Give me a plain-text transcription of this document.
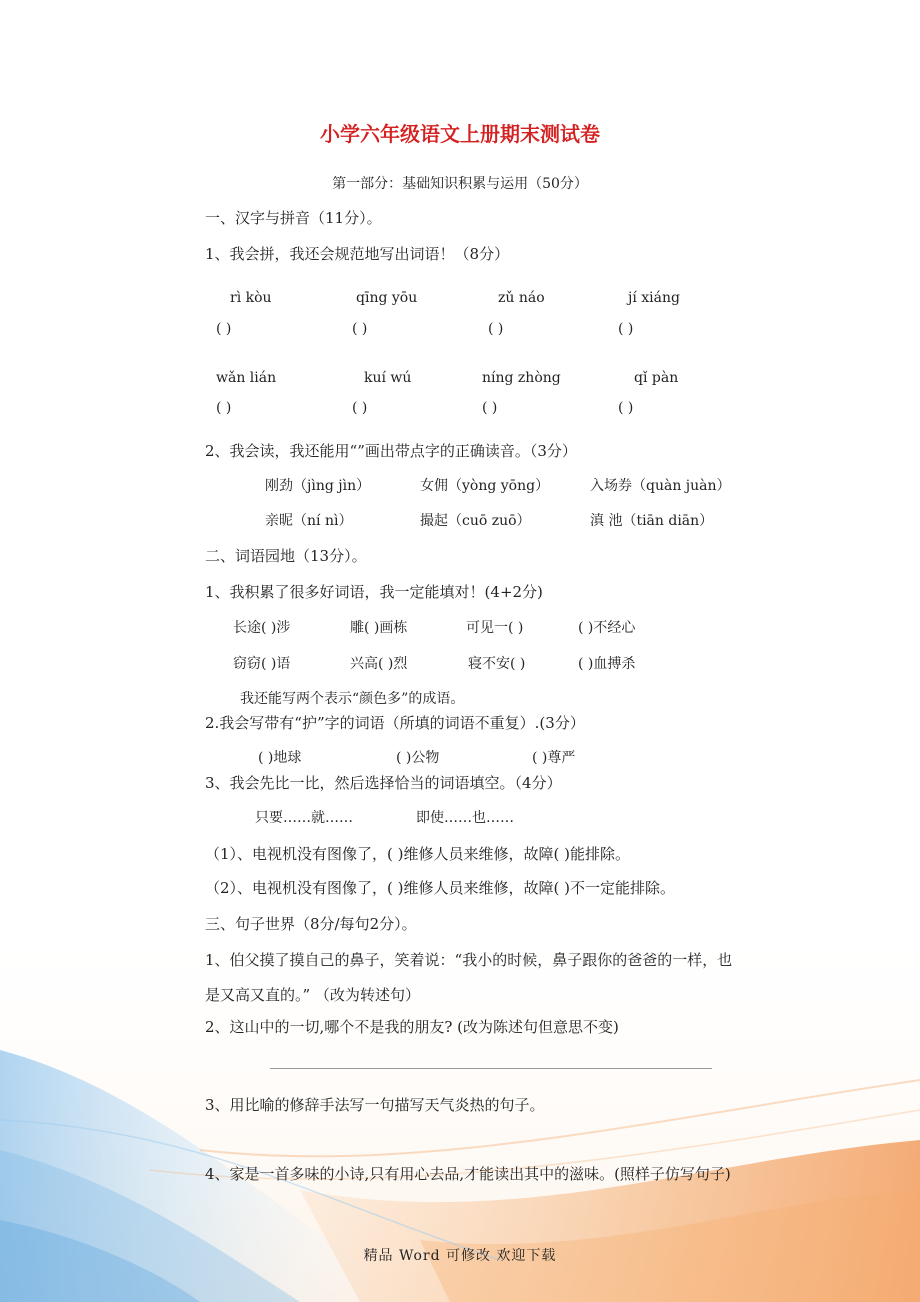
小学六年级语文上册期末测试卷
第一部分：基础知识积累与运用（50分）
一、汉字与拼音（11分）。
1、我会拼，我还会规范地写出词语！（8分）
rì kòu	qīng yōu	zǔ náo	jí xiáng
( )	( )	( )	( )
wǎn lián	kuí wú	níng zhòng	qǐ pàn
( )	( )	( )	( )
2、我会读，我还能用“”画出带点字的正确读音。（3分）
刚劲（jìng jìn）	女佣（yòng yōng）	入场券（quàn juàn）
亲昵（ní nì）	撮起（cuō zuō）	滇 池（tiān diān）
二、词语园地（13分）。
1、我积累了很多好词语，我一定能填对！(4+2分)
长途( )涉	雕( )画栋	可见一( )	( )不经心
窃窃( )语	兴高( )烈	寝不安( )	( )血搏杀
我还能写两个表示“颜色多”的成语。
2.我会写带有“护”字的词语（所填的词语不重复）.(3分）
( )地球	( )公物	( )尊严
3、我会先比一比，然后选择恰当的词语填空。（4分）
只要……就……	即使……也……
（1）、电视机没有图像了，( )维修人员来维修，故障( )能排除。
（2）、电视机没有图像了，( )维修人员来维修，故障( )不一定能排除。
三、句子世界（8分/每句2分）。
1、伯父摸了摸自己的鼻子，笑着说：“我小的时候，鼻子跟你的爸爸的一样，也
是又高又直的。” （改为转述句）
2、这山中的一切,哪个不是我的朋友? (改为陈述句但意思不变)
3、用比喻的修辞手法写一句描写天气炎热的句子。
4、家是一首多味的小诗,只有用心去品,才能读出其中的滋味。(照样子仿写句子)
精品 Word 可修改 欢迎下载
